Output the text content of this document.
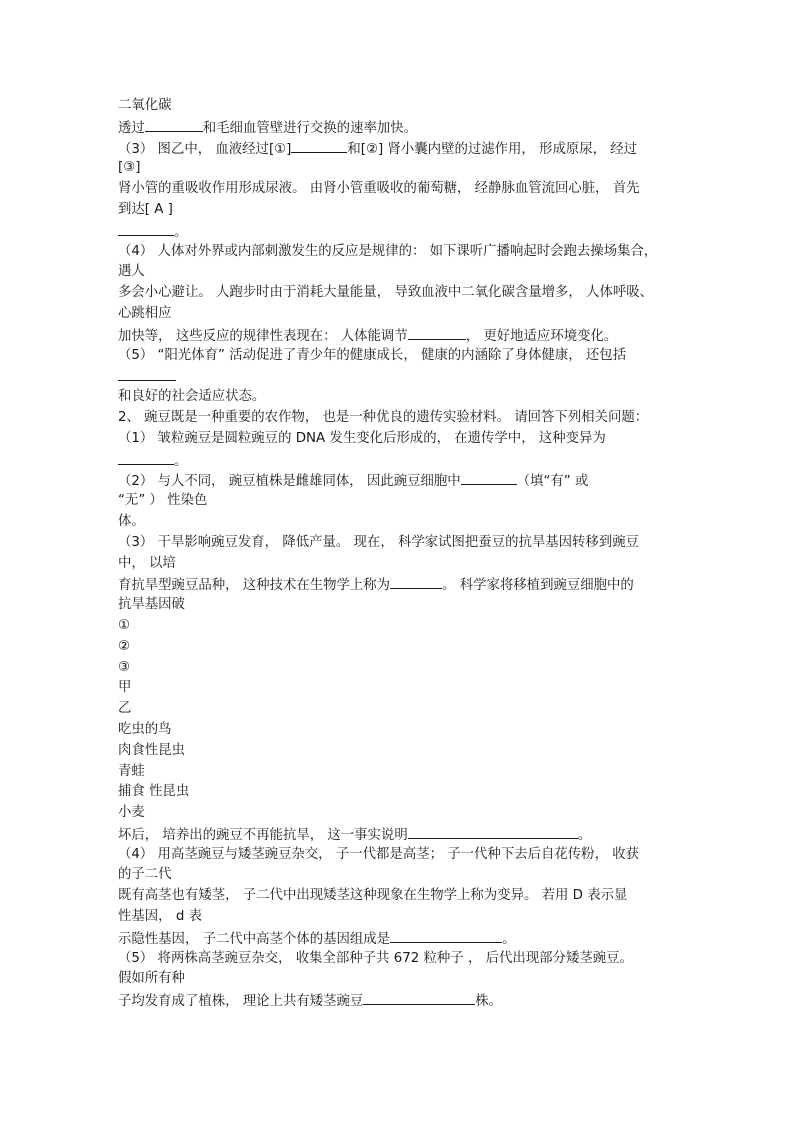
二氧化碳
透过	和毛细血管壁进行交换的速率加快。
（3） 图乙中， 血液经过[①]	和[②] 肾小囊内壁的过滤作用， 形成原尿， 经过
[③]
肾小管的重吸收作用形成尿液。 由肾小管重吸收的葡萄糖， 经静脉血管流回心脏， 首先
到达[ A ]
。
（4） 人体对外界或内部刺激发生的反应是规律的： 如下课听广播响起时会跑去操场集合，
遇人
多会小心避让。 人跑步时由于消耗大量能量， 导致血液中二氧化碳含量增多， 人体呼吸、
心跳相应
加快等， 这些反应的规律性表现在： 人体能调节	， 更好地适应环境变化。
（5） “阳光体育” 活动促进了青少年的健康成长， 健康的内涵除了身体健康， 还包括
和良好的社会适应状态。
2、 豌豆既是一种重要的农作物， 也是一种优良的遗传实验材料。 请回答下列相关问题：
（1） 皱粒豌豆是圆粒豌豆的 DNA 发生变化后形成的， 在遗传学中， 这种变异为
。
（2） 与人不同， 豌豆植株是雌雄同体， 因此豌豆细胞中	（填“有” 或
“无” ） 性染色
体。
（3） 干旱影响豌豆发育， 降低产量。 现在， 科学家试图把蚕豆的抗旱基因转移到豌豆
中， 以培
育抗旱型豌豆品种， 这种技术在生物学上称为	。 科学家将移植到豌豆细胞中的
抗旱基因破
①
②
③
甲
乙
吃虫的鸟
肉食性昆虫
青蛙
捕食 性昆虫
小麦
坏后， 培养出的豌豆不再能抗旱， 这一事实说明	。
（4） 用高茎豌豆与矮茎豌豆杂交， 子一代都是高茎； 子一代种下去后自花传粉， 收获
的子二代
既有高茎也有矮茎， 子二代中出现矮茎这种现象在生物学上称为变异。 若用 D 表示显
性基因， d 表
示隐性基因， 子二代中高茎个体的基因组成是	。
（5） 将两株高茎豌豆杂交， 收集全部种子共 672 粒种子 ， 后代出现部分矮茎豌豆。
假如所有种
子均发育成了植株， 理论上共有矮茎豌豆	株。
